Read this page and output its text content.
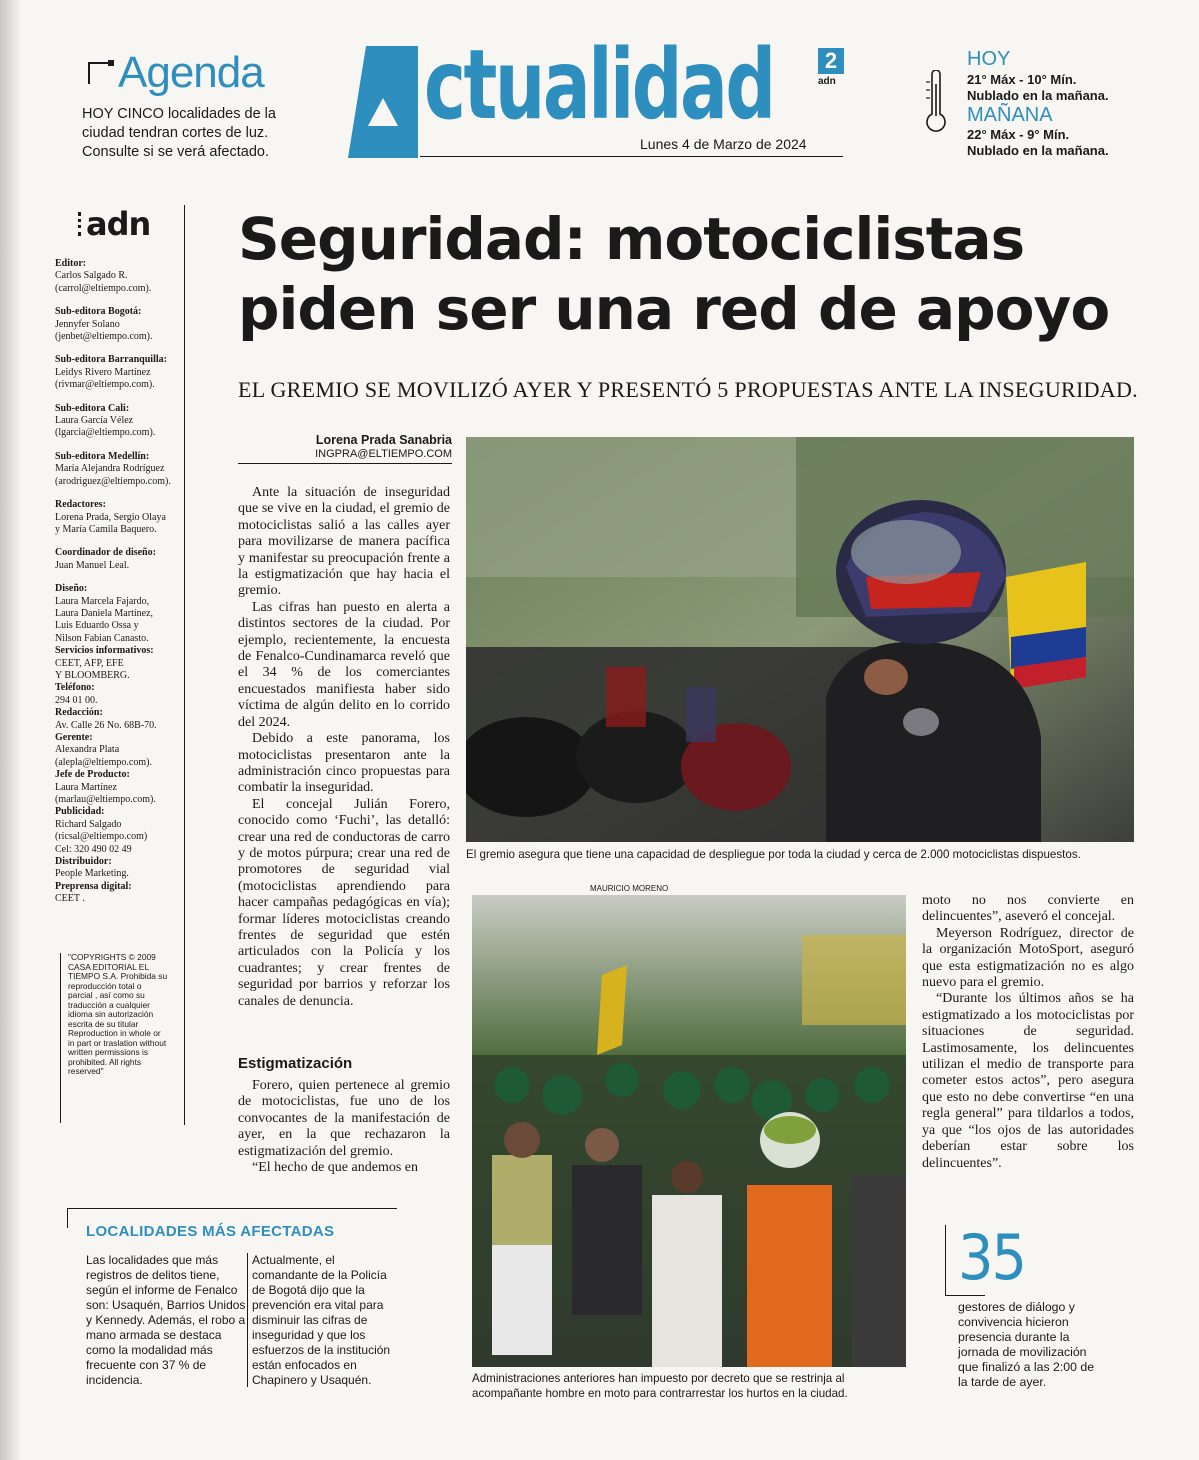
Agenda
HOY CINCO localidades de la ciudad tendran cortes de luz. Consulte si se verá afectado.
ctualidad
Lunes 4 de Marzo de 2024
2
adn
HOY
21° Máx - 10° Mín.
Nublado en la mañana.
MAÑANA
22° Máx - 9° Mín.
Nublado en la mañana.
adn
Editor:
Carlos Salgado R.
(carrol@eltiempo.com).
Sub-editora Bogotá:
Jennyfer Solano
(jenbet@eltiempo.com).
Sub-editora Barranquilla:
Leidys Rivero Martínez
(rivmar@eltiempo.com).
Sub-editora Cali:
Laura García Vélez
(lgarcia@eltiempo.com).
Sub-editora Medellín:
María Alejandra Rodríguez
(arodriguez@eltiempo.com).
Redactores:
Lorena Prada, Sergio Olaya
y María Camila Baquero.
Coordinador de diseño:
Juan Manuel Leal.
Diseño:
Laura Marcela Fajardo,
Laura Daniela Martínez,
Luis Eduardo Ossa y
Nilson Fabian Canasto.
Servicios informativos:
CEET, AFP, EFE
Y BLOOMBERG.
Teléfono:
294 01 00.
Redacción:
Av. Calle 26 No. 68B-70.
Gerente:
Alexandra Plata
(alepla@eltiempo.com).
Jefe de Producto:
Laura Martínez
(marlau@eltiempo.com).
Publicidad:
Richard Salgado
(ricsal@eltiempo.com)
Cel: 320 490 02 49
Distribuidor:
People Marketing.
Preprensa digital:
CEET .
"COPYRIGHTS © 2009 CASA EDITORIAL EL TIEMPO S.A. Prohibida su reproducción total o parcial , así como su traducción a cualquier idioma sin autorización escrita de su titular Reproduction in whole or in part or traslation without written permissions is prohibited. All rights reserved"
Seguridad: motociclistas piden ser una red de apoyo
EL GREMIO SE MOVILIZÓ AYER Y PRESENTÓ 5 PROPUESTAS ANTE LA INSEGURIDAD.
Lorena Prada Sanabria
INGPRA@ELTIEMPO.COM

Ante la situación de inseguridad que se vive en la ciudad, el gremio de motociclistas salió a las calles ayer para movilizarse de manera pacífica y manifestar su preocupación frente a la estigmatización que hay hacia el gremio.

Las cifras han puesto en alerta a distintos sectores de la ciudad. Por ejemplo, recientemente, la encuesta de Fenalco-Cundinamarca reveló que el 34 % de los comerciantes encuestados manifiesta haber sido víctima de algún delito en lo corrido del 2024.

Debido a este panorama, los motociclistas presentaron ante la administración cinco propuestas para combatir la inseguridad.

El concejal Julián Forero, conocido como ‘Fuchi’, las detalló: crear una red de conductoras de carro y de motos púrpura; crear una red de promotores de seguridad vial (motociclistas aprendiendo para hacer campañas pedagógicas en vía); formar líderes motociclistas creando frentes de seguridad que estén articulados con la Policía y los cuadrantes; y crear frentes de seguridad por barrios y reforzar los canales de denuncia.

Estigmatización

Forero, quien pertenece al gremio de motociclistas, fue uno de los convocantes de la manifestación de ayer, en la que rechazaron la estigmatización del gremio.

“El hecho de que andemos en

moto no nos convierte en delincuentes”, aseveró el concejal.

Meyerson Rodríguez, director de la organización MotoSport, aseguró que esta estigmatización no es algo nuevo para el gremio.

“Durante los últimos años se ha estigmatizado a los motociclistas por situaciones de seguridad. Lastimosamente, los delincuentes utilizan el medio de transporte para cometer estos actos”, pero asegura que esto no debe convertirse “en una regla general” para tildarlos a todos, ya que “los ojos de las autoridades deberían estar sobre los delincuentes”.

El gremio asegura que tiene una capacidad de despliegue por toda la ciudad y cerca de 2.000 motociclistas dispuestos.
MAURICIO MORENO
Administraciones anteriores han impuesto por decreto que se restrinja al acompañante hombre en moto para contrarrestar los hurtos en la ciudad.
LOCALIDADES MÁS AFECTADAS
Las localidades que más registros de delitos tiene, según el informe de Fenalco son: Usaquén, Barrios Unidos y Kennedy. Además, el robo a mano armada se destaca como la modalidad más frecuente con 37 % de incidencia.
Actualmente, el comandante de la Policía de Bogotá dijo que la prevención era vital para disminuir las cifras de inseguridad y que los esfuerzos de la institución están enfocados en Chapinero y Usaquén.
35
gestores de diálogo y convivencia hicieron presencia durante la jornada de movilización que finalizó a las 2:00 de la tarde de ayer.
